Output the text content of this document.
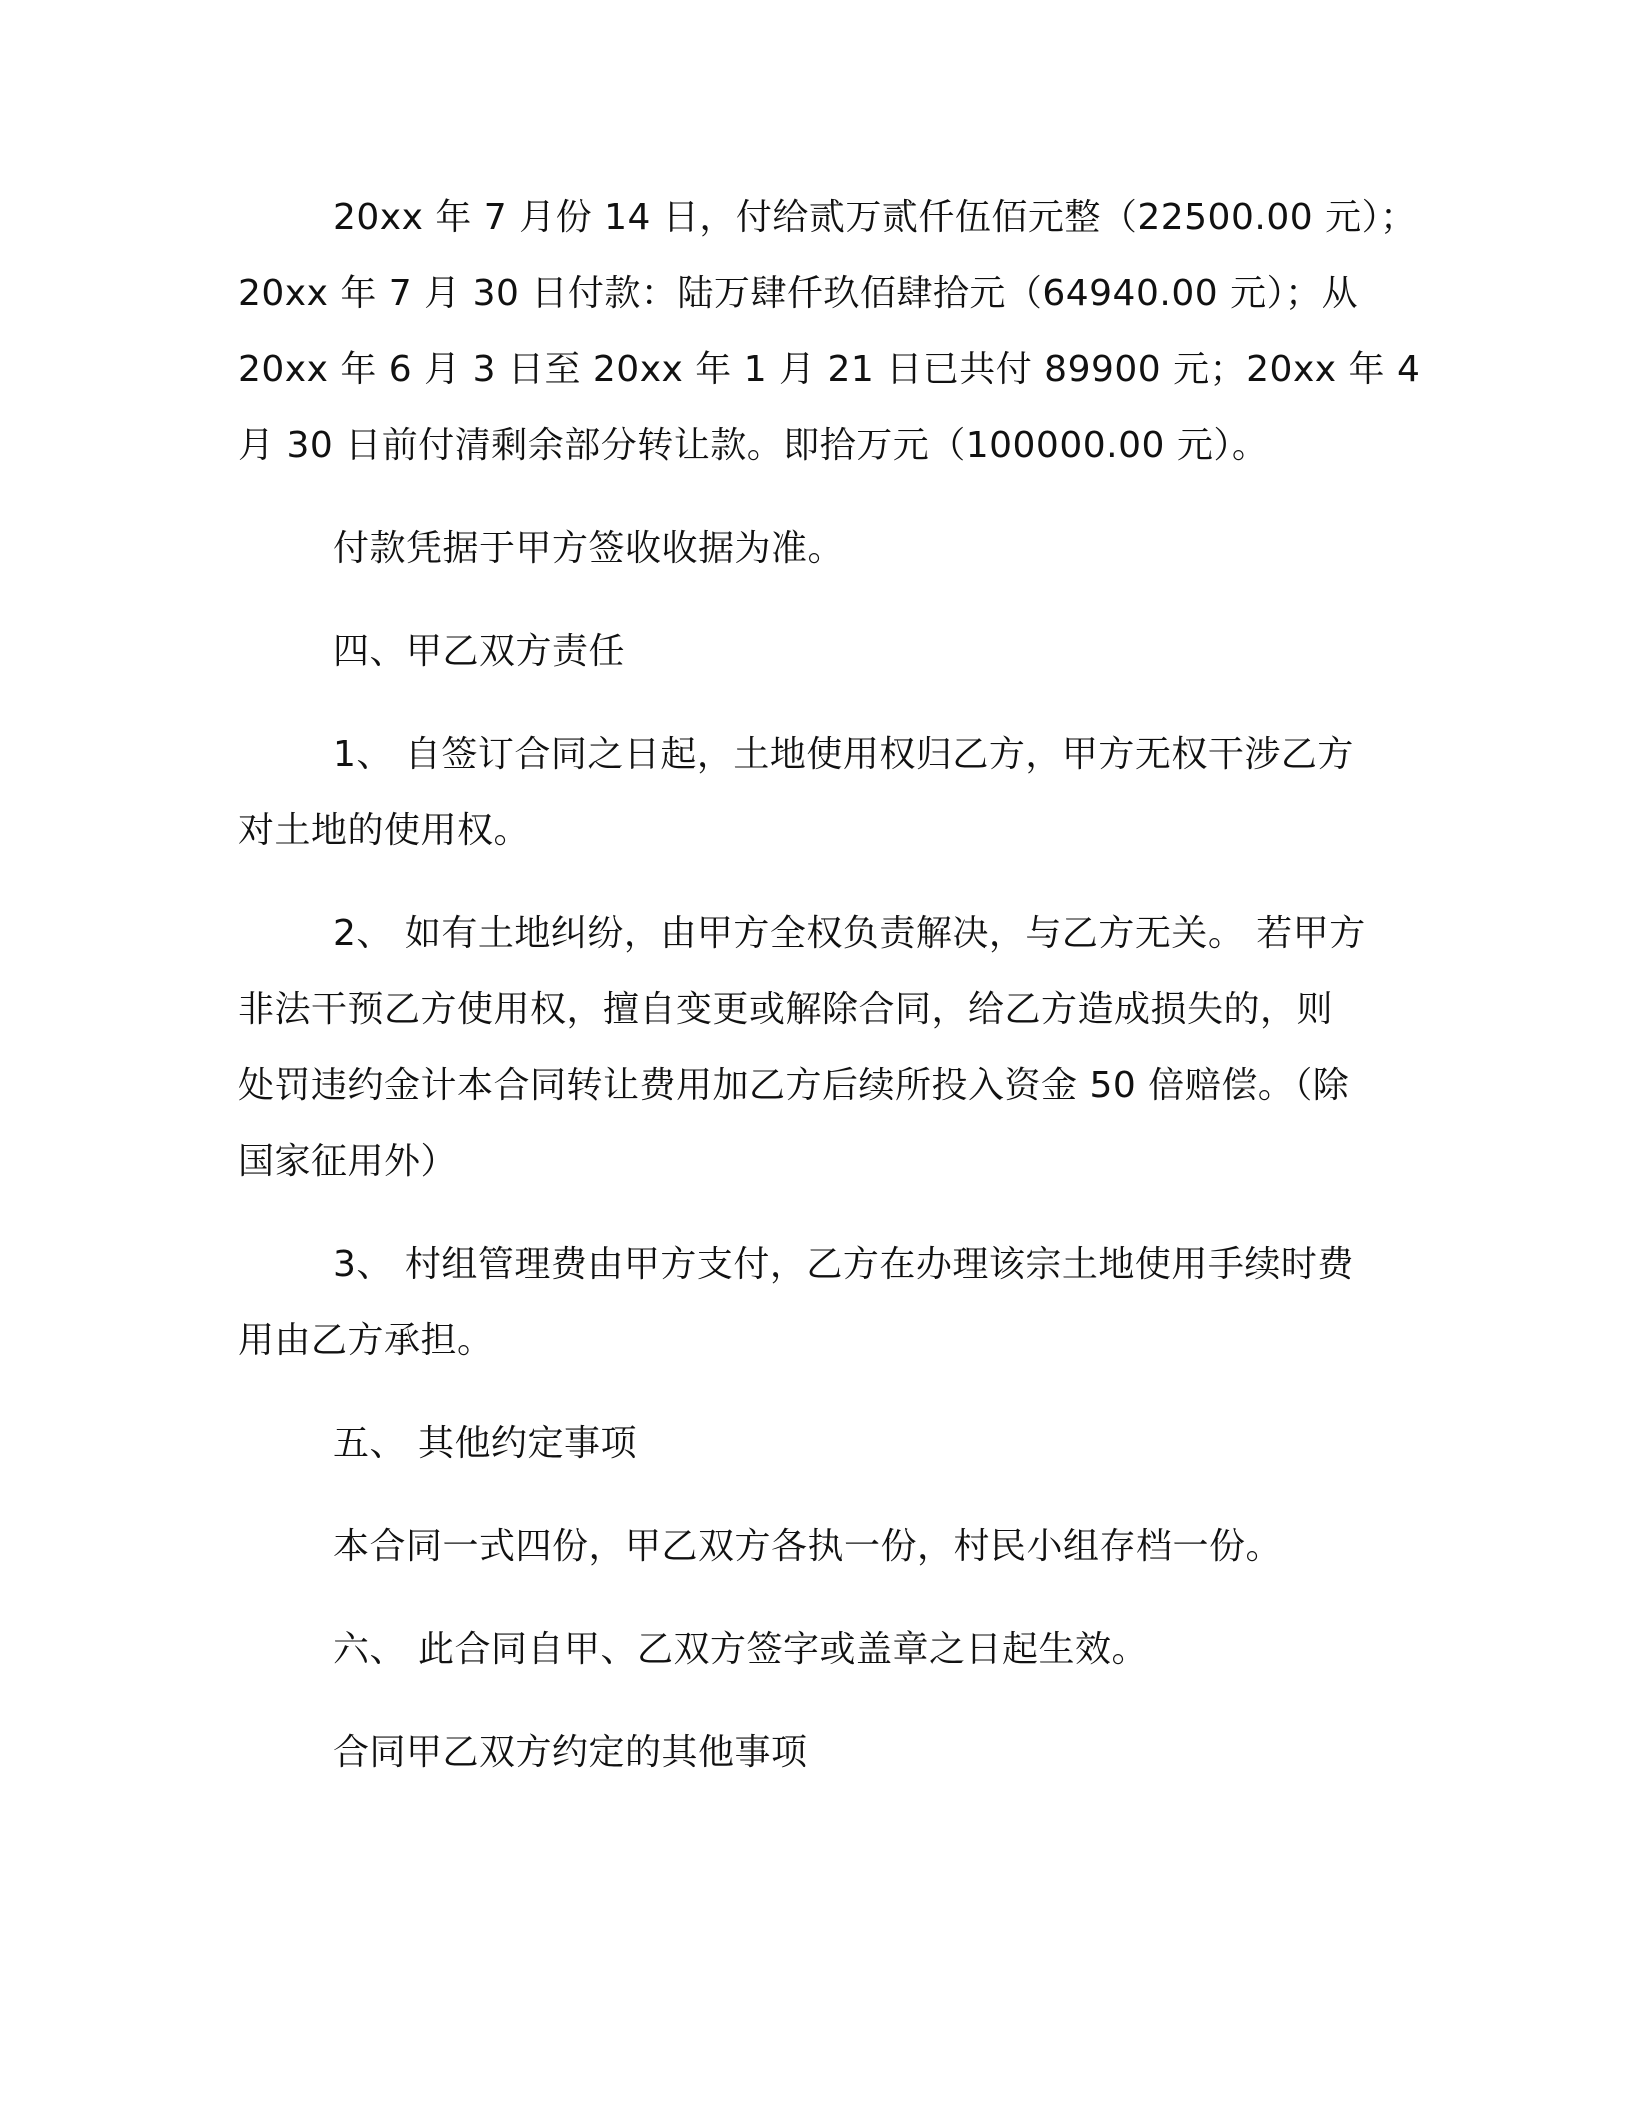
20xx 年 7 月份 14 日，付给贰万贰仟伍佰元整（22500.00 元）；
20xx 年 7 月 30 日付款：陆万肆仟玖佰肆拾元（64940.00 元）；从
20xx 年 6 月 3 日至 20xx 年 1 月 21 日已共付 89900 元；20xx 年 4
月 30 日前付清剩余部分转让款。即拾万元（100000.00 元）。
付款凭据于甲方签收收据为准。
四、甲乙双方责任
1、 自签订合同之日起，土地使用权归乙方，甲方无权干涉乙方
对土地的使用权。
2、 如有土地纠纷，由甲方全权负责解决，与乙方无关。 若甲方
非法干预乙方使用权，擅自变更或解除合同，给乙方造成损失的，则
处罚违约金计本合同转让费用加乙方后续所投入资金 50 倍赔偿。（除
国家征用外）
3、 村组管理费由甲方支付，乙方在办理该宗土地使用手续时费
用由乙方承担。
五、 其他约定事项
本合同一式四份，甲乙双方各执一份，村民小组存档一份。
六、 此合同自甲、乙双方签字或盖章之日起生效。
合同甲乙双方约定的其他事项
